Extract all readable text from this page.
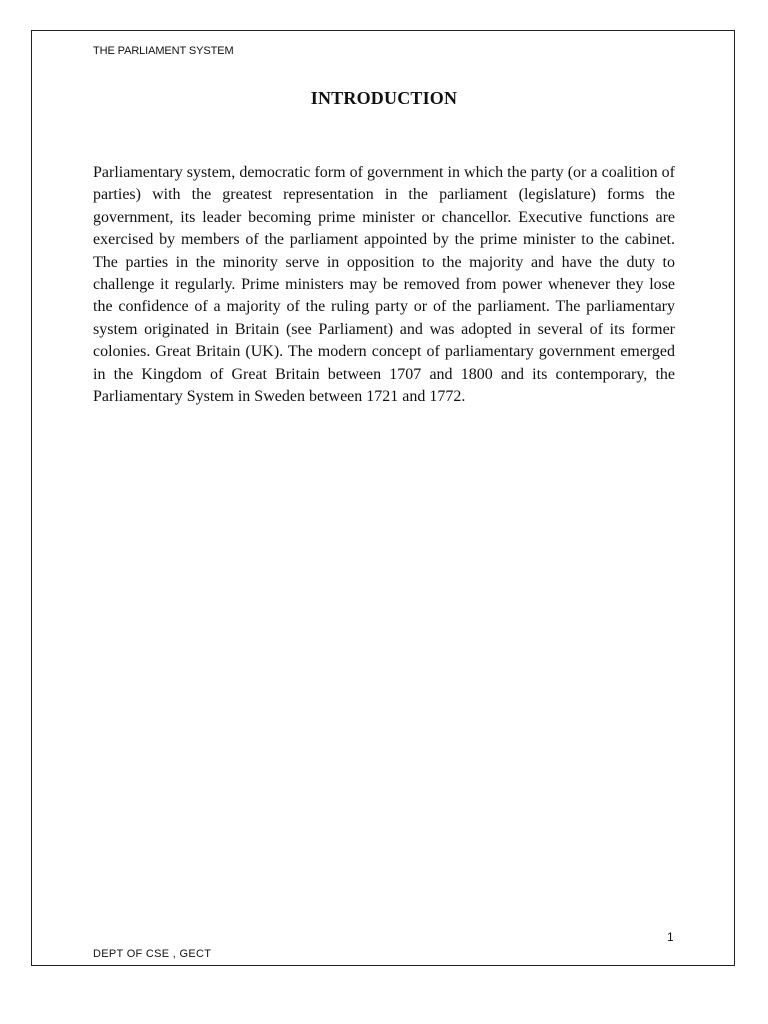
THE PARLIAMENT SYSTEM
INTRODUCTION

Parliamentary system, democratic form of government in which the party (or a coalition of parties) with the greatest representation in the parliament (legislature) forms the government, its leader becoming prime minister or chancellor. Executive functions are exercised by members of the parliament appointed by the prime minister to the cabinet. The parties in the minority serve in opposition to the majority and have the duty to challenge it regularly. Prime ministers may be removed from power whenever they lose the confidence of a majority of the ruling party or of the parliament. The parliamentary system originated in Britain (see Parliament) and was adopted in several of its former colonies. Great Britain (UK). The modern concept of parliamentary government emerged in the Kingdom of Great Britain between 1707 and 1800 and its contemporary, the Parliamentary System in Sweden between 1721 and 1772.

1
DEPT OF CSE , GECT
